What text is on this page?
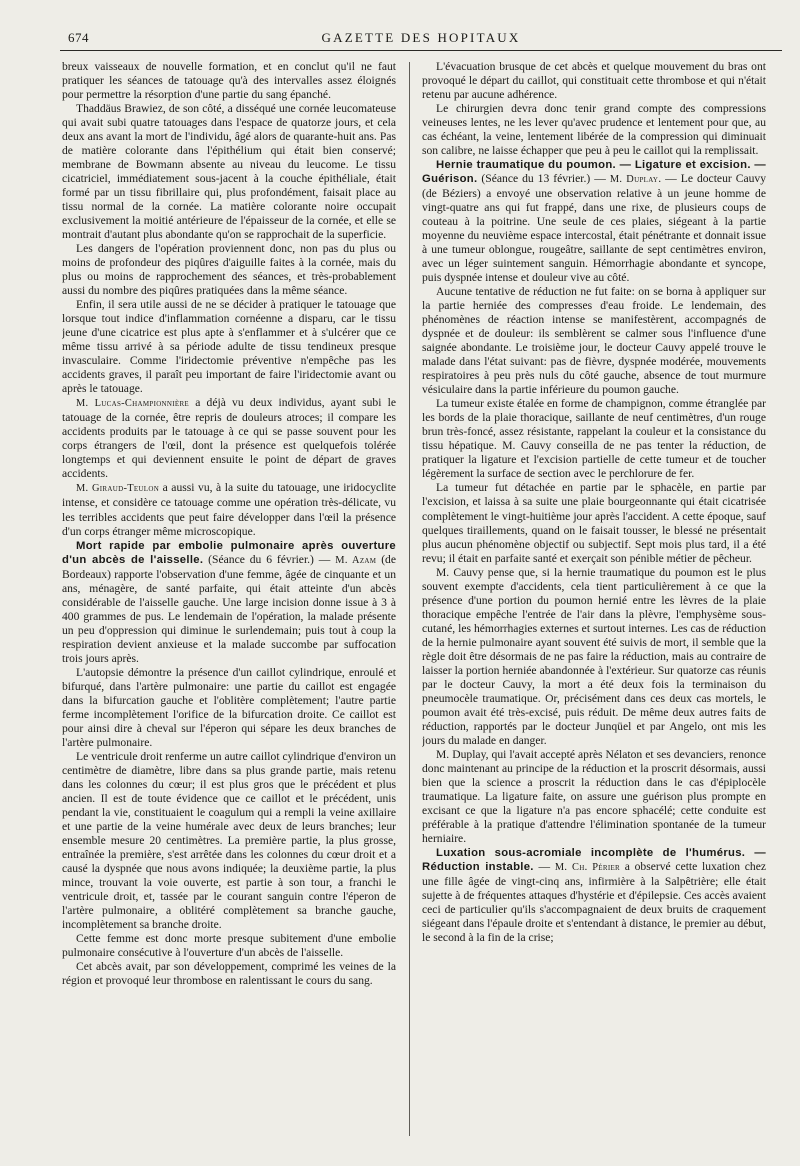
674	GAZETTE DES HOPITAUX

breux vaisseaux de nouvelle formation, et en conclut qu'il ne faut pratiquer les séances de tatouage qu'à des intervalles assez éloignés pour permettre la résorption d'une partie du sang épanché.

Thaddäus Brawiez, de son côté, a disséqué une cornée leucomateuse qui avait subi quatre tatouages dans l'espace de quatorze jours, et cela deux ans avant la mort de l'individu, âgé alors de quarante-huit ans. Pas de matière colorante dans l'épithélium qui était bien conservé; membrane de Bowmann absente au niveau du leucome. Le tissu cicatriciel, immédiatement sous-jacent à la couche épithéliale, était formé par un tissu fibrillaire qui, plus profondément, faisait place au tissu normal de la cornée. La matière colorante noire occupait exclusivement la moitié antérieure de l'épaisseur de la cornée, et elle se montrait d'autant plus abondante qu'on se rapprochait de la superficie.

Les dangers de l'opération proviennent donc, non pas du plus ou moins de profondeur des piqûres d'aiguille faites à la cornée, mais du plus ou moins de rapprochement des séances, et très-probablement aussi du nombre des piqûres pratiquées dans la même séance.

Enfin, il sera utile aussi de ne se décider à pratiquer le tatouage que lorsque tout indice d'inflammation cornéenne a disparu, car le tissu jeune d'une cicatrice est plus apte à s'enflammer et à s'ulcérer que ce même tissu arrivé à sa période adulte de tissu tendineux presque invasculaire. Comme l'iridectomie préventive n'empêche pas les accidents graves, il paraît peu important de faire l'iridectomie avant ou après le tatouage.

M. Lucas-Championnière a déjà vu deux individus, ayant subi le tatouage de la cornée, être repris de douleurs atroces; il compare les accidents produits par le tatouage à ce qui se passe souvent pour les corps étrangers de l'œil, dont la présence est quelquefois tolérée longtemps et qui deviennent ensuite le point de départ de graves accidents.

M. Giraud-Teulon a aussi vu, à la suite du tatouage, une iridocyclite intense, et considère ce tatouage comme une opération très-délicate, vu les terribles accidents que peut faire développer dans l'œil la présence d'un corps étranger même microscopique.

Mort rapide par embolie pulmonaire après ouverture d'un abcès de l'aisselle. (Séance du 6 février.) — M. Azam (de Bordeaux) rapporte l'observation d'une femme, âgée de cinquante et un ans, ménagère, de santé parfaite, qui était atteinte d'un abcès considérable de l'aisselle gauche. Une large incision donne issue à 3 à 400 grammes de pus. Le lendemain de l'opération, la malade présente un peu d'oppression qui diminue le surlendemain; puis tout à coup la respiration devient anxieuse et la malade succombe par suffocation trois jours après.

L'autopsie démontre la présence d'un caillot cylindrique, enroulé et bifurqué, dans l'artère pulmonaire: une partie du caillot est engagée dans la bifurcation gauche et l'oblitère complètement; l'autre partie ferme incomplètement l'orifice de la bifurcation droite. Ce caillot est pour ainsi dire à cheval sur l'éperon qui sépare les deux branches de l'artère pulmonaire.

Le ventricule droit renferme un autre caillot cylindrique d'environ un centimètre de diamètre, libre dans sa plus grande partie, mais retenu dans les colonnes du cœur; il est plus gros que le précédent et plus ancien. Il est de toute évidence que ce caillot et le précédent, unis pendant la vie, constituaient le coagulum qui a rempli la veine axillaire et une partie de la veine humérale avec deux de leurs branches; leur ensemble mesure 20 centimètres. La première partie, la plus grosse, entraînée la première, s'est arrêtée dans les colonnes du cœur droit et a causé la dyspnée que nous avons indiquée; la deuxième partie, la plus mince, trouvant la voie ouverte, est partie à son tour, a franchi le ventricule droit, et, tassée par le courant sanguin contre l'éperon de l'artère pulmonaire, a oblitéré complètement sa branche gauche, incomplètement sa branche droite.

Cette femme est donc morte presque subitement d'une embolie pulmonaire consécutive à l'ouverture d'un abcès de l'aisselle.

Cet abcès avait, par son développement, comprimé les veines de la région et provoqué leur thrombose en ralentissant le cours du sang.

L'évacuation brusque de cet abcès et quelque mouvement du bras ont provoqué le départ du caillot, qui constituait cette thrombose et qui n'était retenu par aucune adhérence.

Le chirurgien devra donc tenir grand compte des compressions veineuses lentes, ne les lever qu'avec prudence et lentement pour que, au cas échéant, la veine, lentement libérée de la compression qui diminuait son calibre, ne laisse échapper que peu à peu le caillot qui la remplissait.

Hernie traumatique du poumon. — Ligature et excision. — Guérison. (Séance du 13 février.) — M. Duplay. — Le docteur Cauvy (de Béziers) a envoyé une observation relative à un jeune homme de vingt-quatre ans qui fut frappé, dans une rixe, de plusieurs coups de couteau à la poitrine. Une seule de ces plaies, siégeant à la partie moyenne du neuvième espace intercostal, était pénétrante et donnait issue à une tumeur oblongue, rougeâtre, saillante de sept centimètres environ, avec un léger suintement sanguin. Hémorrhagie abondante et syncope, puis dyspnée intense et douleur vive au côté.

Aucune tentative de réduction ne fut faite: on se borna à appliquer sur la partie herniée des compresses d'eau froide. Le lendemain, des phénomènes de réaction intense se manifestèrent, accompagnés de dyspnée et de douleur: ils semblèrent se calmer sous l'influence d'une saignée abondante. Le troisième jour, le docteur Cauvy appelé trouve le malade dans l'état suivant: pas de fièvre, dyspnée modérée, mouvements respiratoires à peu près nuls du côté gauche, absence de tout murmure vésiculaire dans la partie inférieure du poumon gauche.

La tumeur existe étalée en forme de champignon, comme étranglée par les bords de la plaie thoracique, saillante de neuf centimètres, d'un rouge brun très-foncé, assez résistante, rappelant la couleur et la consistance du tissu hépatique. M. Cauvy conseilla de ne pas tenter la réduction, de pratiquer la ligature et l'excision partielle de cette tumeur et de toucher légèrement la surface de section avec le perchlorure de fer.

La tumeur fut détachée en partie par le sphacèle, en partie par l'excision, et laissa à sa suite une plaie bourgeonnante qui était cicatrisée complètement le vingt-huitième jour après l'accident. A cette époque, sauf quelques tiraillements, quand on le faisait tousser, le blessé ne présentait plus aucun phénomène objectif ou subjectif. Sept mois plus tard, il a été revu; il était en parfaite santé et exerçait son pénible métier de pêcheur.

M. Cauvy pense que, si la hernie traumatique du poumon est le plus souvent exempte d'accidents, cela tient particulièrement à ce que la présence d'une portion du poumon hernié entre les lèvres de la plaie thoracique empêche l'entrée de l'air dans la plèvre, l'emphysème sous-cutané, les hémorrhagies externes et surtout internes. Les cas de réduction de la hernie pulmonaire ayant souvent été suivis de mort, il semble que la règle doit être désormais de ne pas faire la réduction, mais au contraire de laisser la portion herniée abandonnée à l'extérieur. Sur quatorze cas réunis par le docteur Cauvy, la mort a été deux fois la terminaison du pneumocèle traumatique. Or, précisément dans ces deux cas mortels, le poumon avait été très-excisé, puis réduit. De même deux autres faits de réduction, rapportés par le docteur Junqüel et par Angelo, ont mis les jours du malade en danger.

M. Duplay, qui l'avait accepté après Nélaton et ses devanciers, renonce donc maintenant au principe de la réduction et la proscrit désormais, aussi bien que la science a proscrit la réduction dans le cas d'épiplocèle traumatique. La ligature faite, on assure une guérison plus prompte en excisant ce que la ligature n'a pas encore sphacélé; cette conduite est préférable à la pratique d'attendre l'élimination spontanée de la tumeur herniaire.

Luxation sous-acromiale incomplète de l'humérus. — Réduction instable. — M. Ch. Périer a observé cette luxation chez une fille âgée de vingt-cinq ans, infirmière à la Salpêtrière; elle était sujette à de fréquentes attaques d'hystérie et d'épilepsie. Ces accès avaient ceci de particulier qu'ils s'accompagnaient de deux bruits de craquement siégeant dans l'épaule droite et s'entendant à distance, le premier au début, le second à la fin de la crise;
